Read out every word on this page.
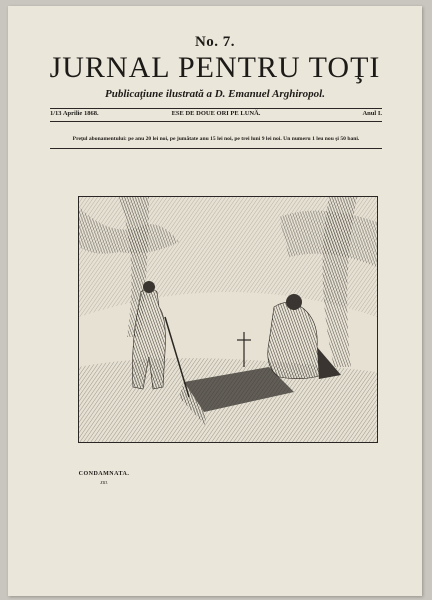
No. 7.
JURNAL PENTRU TOŢI
Publicaţiune ilustrată a D. Emanuel Arghiropol.
1/13 Aprilie 1868.	ESE DE DOUE ORI PE LUNĂ.	Anul I.

Preţul abonamentului: pe anu 20 lei noi, pe jumătate anu 15 lei noi, pe trei luni 9 lei noi. Un numeru 1 leu nou şi 50 bani.

CONDAMNATA.
XIII.
